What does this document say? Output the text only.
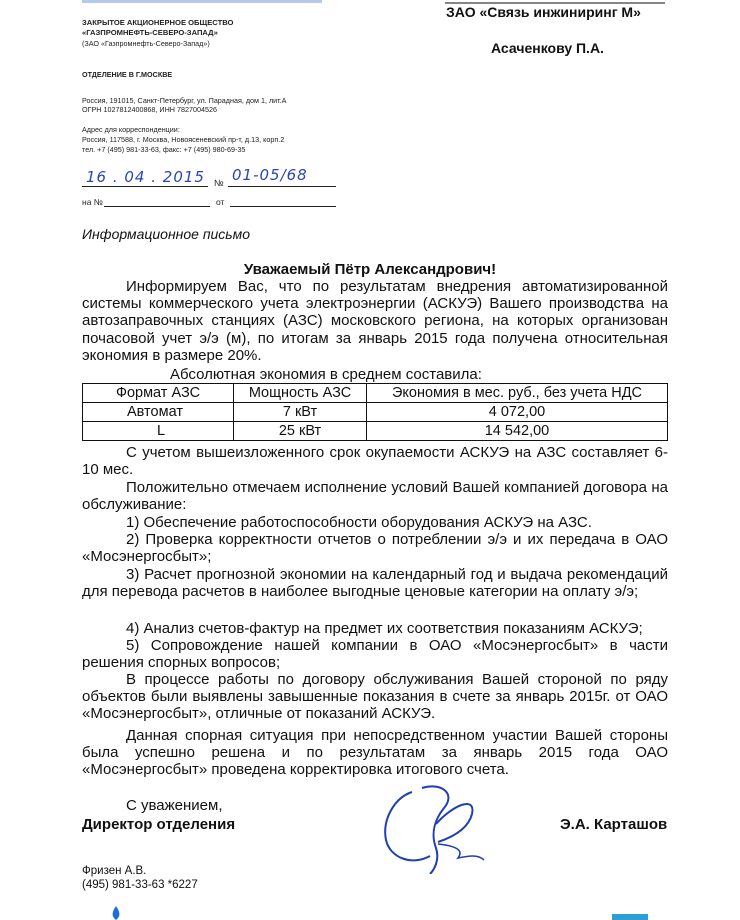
ЗАКРЫТОЕ АКЦИОНЕРНОЕ ОБЩЕСТВО
«ГАЗПРОМНЕФТЬ-СЕВЕРО-ЗАПАД»
(ЗАО «Газпромнефть-Северо-Запад»)
ОТДЕЛЕНИЕ В Г.МОСКВЕ
Россия, 191015, Санкт-Петербург, ул. Парадная, дом 1, лит.А
ОГРН 1027812400868, ИНН 7827004526
Адрес для корреспонденции:
Россия, 117588, г. Москва, Новоясеневский пр-т, д.13, корп.2
тел. +7 (495) 981-33-63, факс: +7 (495) 980-69-35
16 . 04 . 2015 № 01-05/68
на №	от
ЗАО «Связь инжиниринг М»
Асаченкову П.А.
Информационное письмо
Уважаемый Пётр Александрович!
Информируем Вас, что по результатам внедрения автоматизированной системы коммерческого учета электроэнергии (АСКУЭ) Вашего производства на автозаправочных станциях (АЗС) московского региона, на которых организован почасовой учет э/э (м), по итогам за январь 2015 года получена относительная экономия в размере 20%.
Абсолютная экономия в среднем составила:
Формат АЗС	Мощность АЗС	Экономия в мес. руб., без учета НДС
Автомат	7 кВт	4 072,00
L	25 кВт	14 542,00
С учетом вышеизложенного срок окупаемости АСКУЭ на АЗС составляет 6-10 мес.
Положительно отмечаем исполнение условий Вашей компанией договора на обслуживание:
1) Обеспечение работоспособности оборудования АСКУЭ на АЗС.
2) Проверка корректности отчетов о потреблении э/э и их передача в ОАО «Мосэнергосбыт»;
3) Расчет прогнозной экономии на календарный год и выдача рекомендаций для перевода расчетов в наиболее выгодные ценовые категории на оплату э/э;
4) Анализ счетов-фактур на предмет их соответствия показаниям АСКУЭ;
5) Сопровождение нашей компании в ОАО «Мосэнергосбыт» в части решения спорных вопросов;
В процессе работы по договору обслуживания Вашей стороной по ряду объектов были выявлены завышенные показания в счете за январь 2015г. от ОАО «Мосэнергосбыт», отличные от показаний АСКУЭ.
Данная спорная ситуация при непосредственном участии Вашей стороны была успешно решена и по результатам за январь 2015 года ОАО «Мосэнергосбыт» проведена корректировка итогового счета.
С уважением,
Директор отделения	Э.А. Карташов
Фризен А.В.
(495) 981-33-63 *6227
